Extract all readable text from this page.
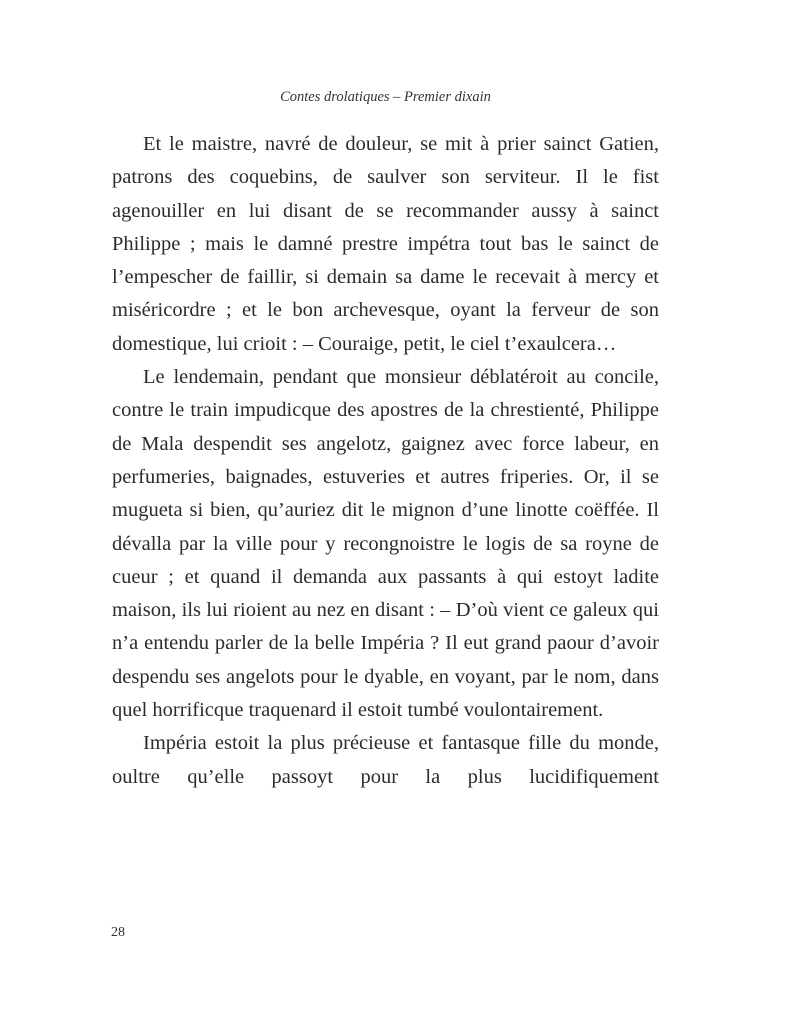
Contes drolatiques – Premier dixain

Et le maistre, navré de douleur, se mit à prier sainct Gatien, patrons des coquebins, de saulver son serviteur. Il le fist agenouiller en lui disant de se recommander aussy à sainct Philippe ; mais le damné prestre impétra tout bas le sainct de l’empescher de faillir, si demain sa dame le recevait à mercy et miséricordre ; et le bon archevesque, oyant la ferveur de son domestique, lui crioit : – Couraige, petit, le ciel t’exaulcera…

Le lendemain, pendant que monsieur déblatéroit au concile, contre le train impudicque des apostres de la chrestienté, Philippe de Mala despendit ses angelotz, gaignez avec force labeur, en perfumeries, baignades, estuveries et autres friperies. Or, il se mugueta si bien, qu’auriez dit le mignon d’une linotte coëffée. Il dévalla par la ville pour y recongnoistre le logis de sa royne de cueur ; et quand il demanda aux passants à qui estoyt ladite maison, ils lui rioient au nez en disant : – D’où vient ce galeux qui n’a entendu parler de la belle Impéria ? Il eut grand paour d’avoir despendu ses angelots pour le dyable, en voyant, par le nom, dans quel horrificque traquenard il estoit tumbé voulontairement.

Impéria estoit la plus précieuse et fantasque fille du monde, oultre qu’elle passoyt pour la plus lucidifiquement

28
